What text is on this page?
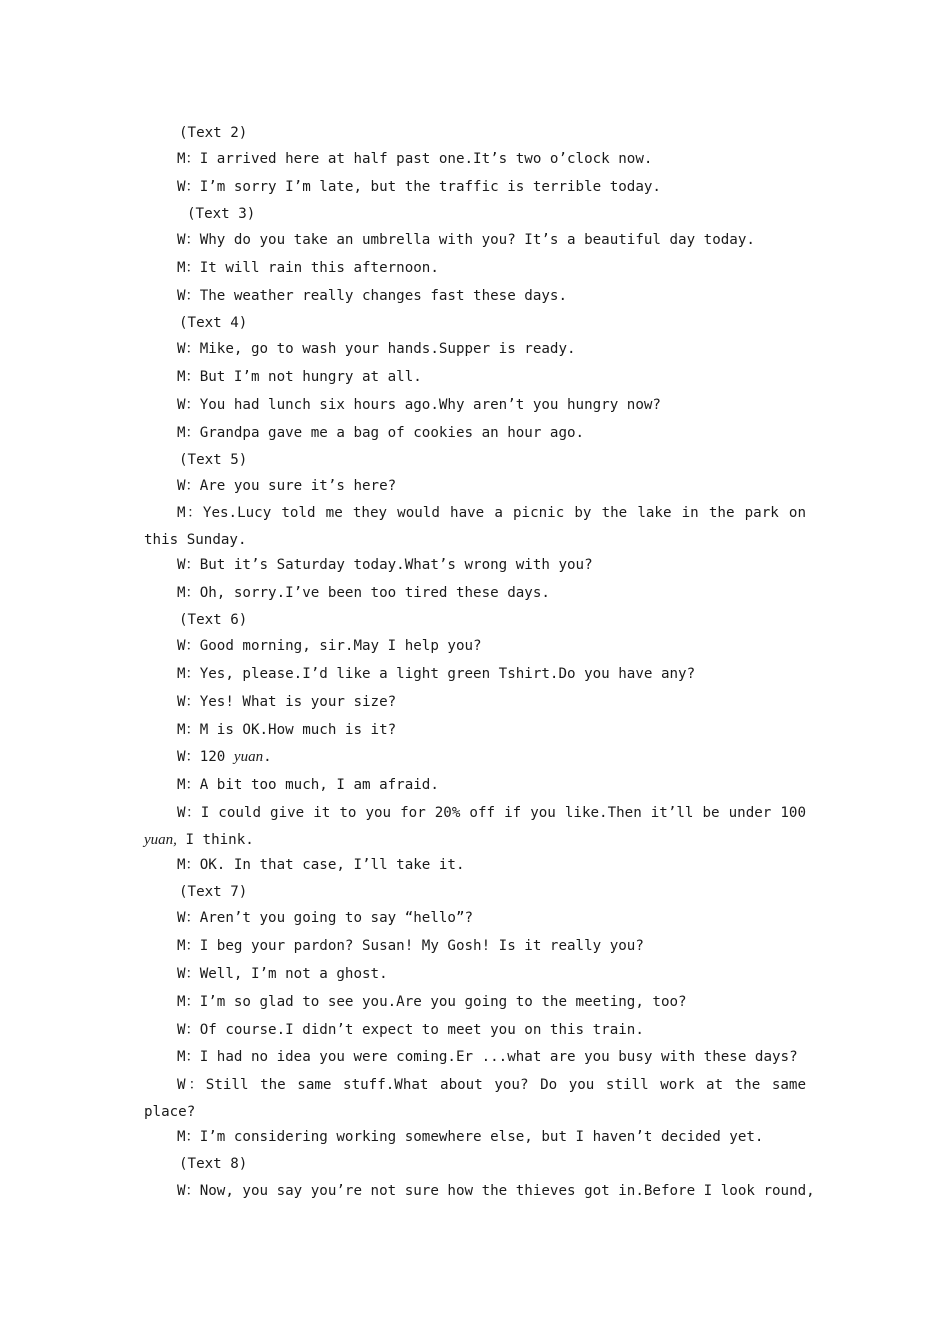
(Text 2)
M：I arrived here at half past one.It’s two o’clock now.
W：I’m sorry I’m late, but the traffic is terrible today.
(Text 3)
W：Why do you take an umbrella with you? It’s a beautiful day today.
M：It will rain this afternoon.
W：The weather really changes fast these days.
(Text 4)
W：Mike, go to wash your hands.Supper is ready.
M：But I’m not hungry at all.
W：You had lunch six hours ago.Why aren’t you hungry now?
M：Grandpa gave me a bag of cookies an hour ago.
(Text 5)
W：Are you sure it’s here?
M：Yes.Lucy told me they would have a picnic by the lake in the park on
this Sunday.
W：But it’s Saturday today.What’s wrong with you?
M：Oh, sorry.I’ve been too tired these days.
(Text 6)
W：Good morning, sir.May I help you?
M：Yes, please.I’d like a light green Tshirt.Do you have any?
W：Yes! What is your size?
M：M is OK.How much is it?
W：120 yuan.
M：A bit too much, I am afraid.
W：I could give it to you for 20% off if you like.Then it’ll be under 100
yuan, I think.
M：OK. In that case, I’ll take it.
(Text 7)
W：Aren’t you going to say “hello”?
M：I beg your pardon? Susan! My Gosh! Is it really you?
W：Well, I’m not a ghost.
M：I’m so glad to see you.Are you going to the meeting, too?
W：Of course.I didn’t expect to meet you on this train.
M：I had no idea you were coming.Er ...what are you busy with these days?
W：Still the same stuff.What about you? Do you still work at the same
place?
M：I’m considering working somewhere else, but I haven’t decided yet.
(Text 8)
W：Now, you say you’re not sure how the thieves got in.Before I look round,
